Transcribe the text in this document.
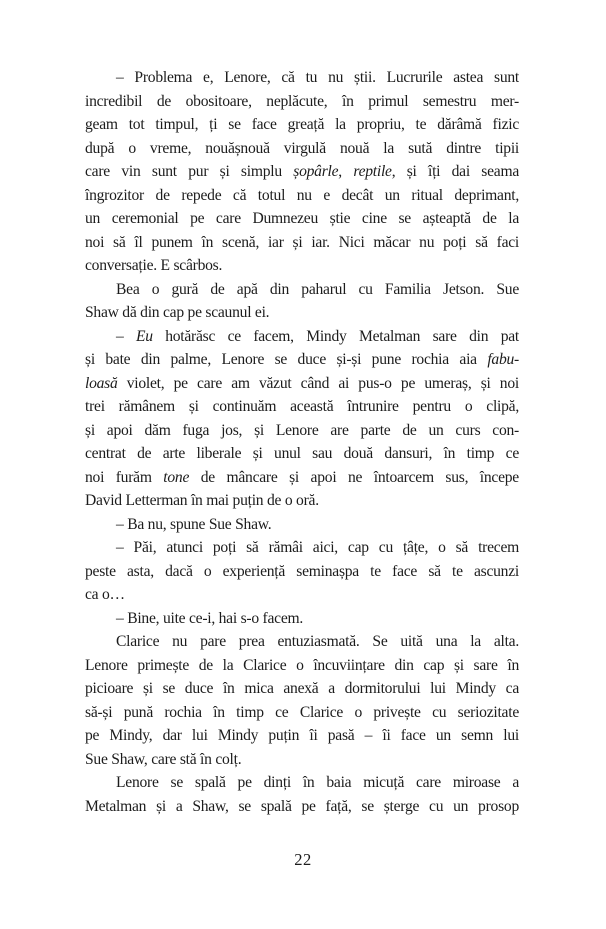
– Problema e, Lenore, că tu nu știi. Lucrurile astea sunt
incredibil de obositoare, neplăcute, în primul semestru mer-
geam tot timpul, ți se face greață la propriu, te dărâmă fizic
după o vreme, nouășnouă virgulă nouă la sută dintre tipii
care vin sunt pur și simplu șopârle, reptile, și îți dai seama
îngrozitor de repede că totul nu e decât un ritual deprimant,
un ceremonial pe care Dumnezeu știe cine se așteaptă de la
noi să îl punem în scenă, iar și iar. Nici măcar nu poți să faci
conversație. E scârbos.
Bea o gură de apă din paharul cu Familia Jetson. Sue
Shaw dă din cap pe scaunul ei.
– Eu hotărăsc ce facem, Mindy Metalman sare din pat
și bate din palme, Lenore se duce și-și pune rochia aia fabu-
loasă violet, pe care am văzut când ai pus-o pe umeraș, și noi
trei rămânem și continuăm această întrunire pentru o clipă,
și apoi dăm fuga jos, și Lenore are parte de un curs con-
centrat de arte liberale și unul sau două dansuri, în timp ce
noi furăm tone de mâncare și apoi ne întoarcem sus, începe
David Letterman în mai puțin de o oră.
– Ba nu, spune Sue Shaw.
– Păi, atunci poți să rămâi aici, cap cu țâțe, o să trecem
peste asta, dacă o experiență seminașpa te face să te ascunzi
ca o…
– Bine, uite ce-i, hai s-o facem.
Clarice nu pare prea entuziasmată. Se uită una la alta.
Lenore primește de la Clarice o încuviințare din cap și sare în
picioare și se duce în mica anexă a dormitorului lui Mindy ca
să-și pună rochia în timp ce Clarice o privește cu seriozitate
pe Mindy, dar lui Mindy puțin îi pasă – îi face un semn lui
Sue Shaw, care stă în colț.
Lenore se spală pe dinți în baia micuță care miroase a
Metalman și a Shaw, se spală pe față, se șterge cu un prosop
22
